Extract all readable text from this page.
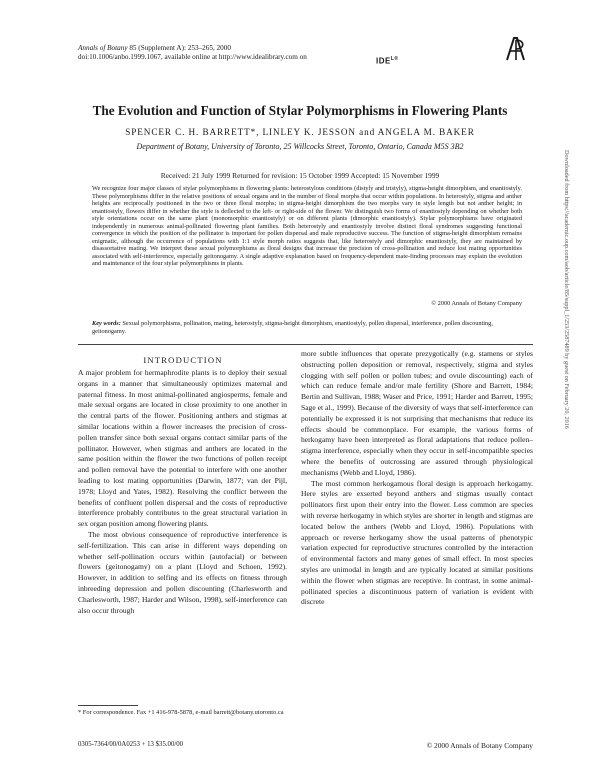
Annals of Botany 85 (Supplement A): 253–265, 2000
doi:10.1006/anbo.1999.1067, available online at http://www.idealibrary.com on	$IDE^{L®}$
The Evolution and Function of Stylar Polymorphisms in Flowering Plants
SPENCER C. H. BARRETT*, LINLEY K. JESSON and ANGELA M. BAKER
Department of Botany, University of Toronto, 25 Willcocks Street, Toronto, Ontario, Canada M5S 3B2
Received: 21 July 1999 Returned for revision: 15 October 1999 Accepted: 15 November 1999

We recognize four major classes of stylar polymorphisms in flowering plants: heterostylous conditions (distyly and tristyly), stigma-height dimorphism, and enantiostyly. These polymorphisms differ in the relative positions of sexual organs and in the number of floral morphs that occur within populations. In heterostyly, stigma and anther heights are reciprocally positioned in the two or three floral morphs; in stigma-height dimorphism the two morphs vary in style length but not anther height; in enantiostyly, flowers differ in whether the style is deflected to the left- or right-side of the flower. We distinguish two forms of enantiostyly depending on whether both style orientations occur on the same plant (monomorphic enantiostyly) or on different plants (dimorphic enantiostyly). Stylar polymorphisms have originated independently in numerous animal-pollinated flowering plant families. Both heterostyly and enantiostyly involve distinct floral syndromes suggesting functional convergence in which the position of the pollinator is important for pollen dispersal and male reproductive success. The function of stigma-height dimorphism remains enigmatic, although the occurrence of populations with 1:1 style morph ratios suggests that, like heterostyly and dimorphic enantiostyly, they are maintained by disassortative mating. We interpret these sexual polymorphisms as floral designs that increase the precision of cross-pollination and reduce lost mating opportunities associated with self-interference, especially geitonogamy. A single adaptive explanation based on frequency-dependent mate-finding processes may explain the evolution and maintenance of the four stylar polymorphisms in plants.

© 2000 Annals of Botany Company
Key words: Sexual polymorphisms, pollination, mating, heterostyly, stigma-height dimorphism, enantiostyly, pollen dispersal, interference, pollen discounting, geitonogamy.
INTRODUCTION

A major problem for hermaphrodite plants is to deploy their sexual organs in a manner that simultaneously optimizes maternal and paternal fitness. In most animal-pollinated angiosperms, female and male sexual organs are located in close proximity to one another in the central parts of the flower. Positioning anthers and stigmas at similar locations within a flower increases the precision of cross-pollen transfer since both sexual organs contact similar parts of the pollinator. However, when stigmas and anthers are located in the same position within the flower the two functions of pollen receipt and pollen removal have the potential to interfere with one another leading to lost mating opportunities (Darwin, 1877; van der Pijl, 1978; Lloyd and Yates, 1982). Resolving the conflict between the benefits of confluent pollen dispersal and the costs of reproductive interference probably contributes to the great structural variation in sex organ position among flowering plants.

The most obvious consequence of reproductive interference is self-fertilization. This can arise in different ways depending on whether self-pollination occurs within (autofacial) or between flowers (geitonogamy) on a plant (Lloyd and Schoen, 1992). However, in addition to selfing and its effects on fitness through inbreeding depression and pollen discounting (Charlesworth and Charlesworth, 1987; Harder and Wilson, 1998), self-interference can also occur through

more subtle influences that operate prezygotically (e.g. stamens or styles obstructing pollen deposition or removal, respectively, stigma and styles clogging with self pollen or pollen tubes; and ovule discounting) each of which can reduce female and/or male fertility (Shore and Barrett, 1984; Bertin and Sullivan, 1988; Waser and Price, 1991; Harder and Barrett, 1995; Sage et al., 1999). Because of the diversity of ways that self-interference can potentially be expressed it is not surprising that mechanisms that reduce its effects should be commonplace. For example, the various forms of herkogamy have been interpreted as floral adaptations that reduce pollen–stigma interference, especially when they occur in self-incompatible species where the benefits of outcrossing are assured through physiological mechanisms (Webb and Lloyd, 1986).

The most common herkogamous floral design is approach herkogamy. Here styles are exserted beyond anthers and stigmas usually contact pollinators first upon their entry into the flower. Less common are species with reverse herkogamy in which styles are shorter in length and stigmas are located below the anthers (Webb and Lloyd, 1986). Populations with approach or reverse herkogamy show the usual patterns of phenotypic variation expected for reproductive structures controlled by the interaction of environmental factors and many genes of small effect. In most species styles are unimodal in length and are typically located at similar positions within the flower when stigmas are receptive. In contrast, in some animal-pollinated species a discontinuous pattern of variation is evident with discrete

* For correspondence. Fax +1 416-978-5878, e-mail barrett@botany.utoronto.ca
0305-7364/00/0A0253 + 13 $35.00/00	© 2000 Annals of Botany Company
Downloaded from https://academic.oup.com/aob/article/85/suppl_1/253/2587489 by guest on February 20, 2016
